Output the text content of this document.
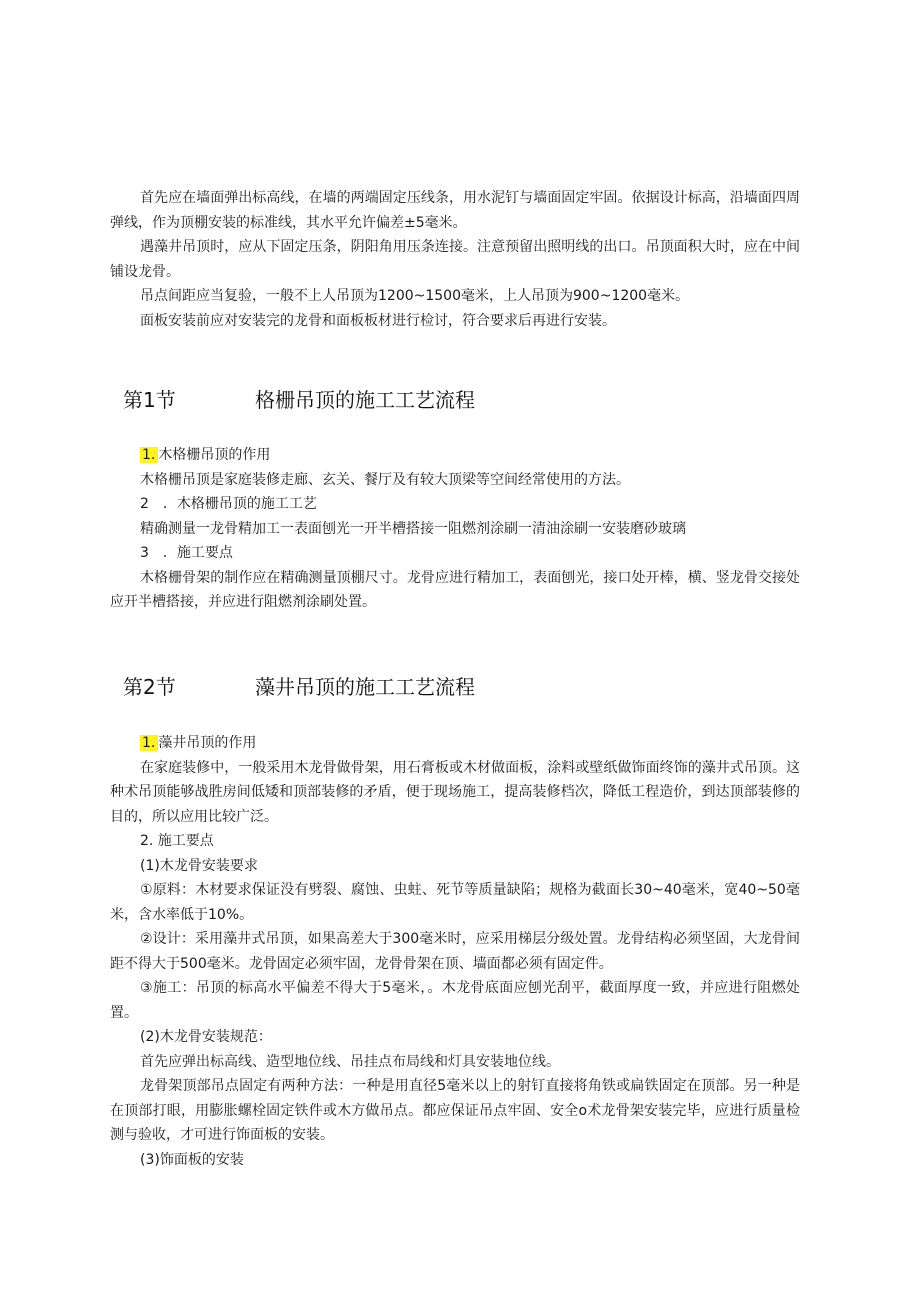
首先应在墙面弹出标高线，在墙的两端固定压线条，用水泥钉与墙面固定牢固。依据设计标高，沿墙面四周弹线，作为顶棚安装的标准线，其水平允许偏差±5毫米。

遇藻井吊顶时，应从下固定压条，阴阳角用压条连接。注意预留出照明线的出口。吊顶面积大时，应在中间铺设龙骨。

吊点间距应当复验，一般不上人吊顶为1200~1500毫米，上人吊顶为900~1200毫米。

面板安装前应对安装完的龙骨和面板板材进行检讨，符合要求后再进行安装。

第1节	格栅吊顶的施工工艺流程

1. 木格栅吊顶的作用

木格栅吊顶是家庭装修走廊、玄关、餐厅及有较大顶梁等空间经常使用的方法。

2　．木格栅吊顶的施工工艺

精确测量一龙骨精加工一表面刨光一开半槽搭接一阻燃剂涂刷一清油涂刷一安装磨砂玻璃

3　．施工要点

木格栅骨架的制作应在精确测量顶棚尺寸。龙骨应进行精加工，表面刨光，接口处开棒，横、竖龙骨交接处应开半槽搭接，并应进行阻燃剂涂刷处置。

第2节	藻井吊顶的施工工艺流程

1. 藻井吊顶的作用

在家庭装修中，一般采用木龙骨做骨架，用石膏板或木材做面板，涂料或壁纸做饰面终饰的藻井式吊顶。这种术吊顶能够战胜房间低矮和顶部装修的矛盾，便于现场施工，提高装修档次，降低工程造价，到达顶部装修的目的，所以应用比较广泛。

2. 施工要点

(1)木龙骨安装要求

①原料：木材要求保证没有劈裂、腐蚀、虫蛀、死节等质量缺陷；规格为截面长30~40毫米，宽40~50毫米，含水率低于10%。

②设计：采用藻井式吊顶，如果高差大于300毫米时，应采用梯层分级处置。龙骨结构必须坚固，大龙骨间距不得大于500毫米。龙骨固定必须牢固，龙骨骨架在顶、墙面都必须有固定件。

③施工：吊顶的标高水平偏差不得大于5毫米，。木龙骨底面应刨光刮平，截面厚度一致，并应进行阻燃处置。

(2)木龙骨安装规范：

首先应弹出标高线、造型地位线、吊挂点布局线和灯具安装地位线。

龙骨架顶部吊点固定有两种方法：一种是用直径5毫米以上的射钉直接将角铁或扁铁固定在顶部。另一种是在顶部打眼，用膨胀螺栓固定铁件或木方做吊点。都应保证吊点牢固、安全o术龙骨架安装完毕，应进行质量检测与验收，才可进行饰面板的安装。

(3)饰面板的安装
